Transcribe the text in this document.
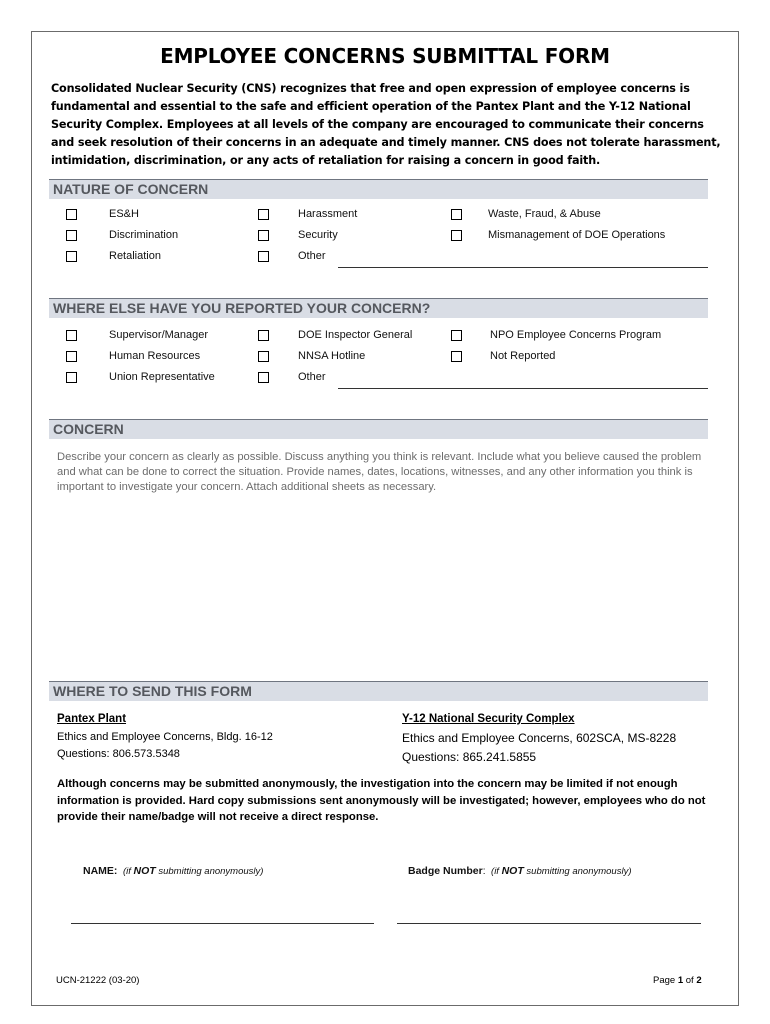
EMPLOYEE CONCERNS SUBMITTAL FORM
Consolidated Nuclear Security (CNS) recognizes that free and open expression of employee concerns is fundamental and essential to the safe and efficient operation of the Pantex Plant and the Y-12 National Security Complex. Employees at all levels of the company are encouraged to communicate their concerns and seek resolution of their concerns in an adequate and timely manner. CNS does not tolerate harassment, intimidation, discrimination, or any acts of retaliation for raising a concern in good faith.
NATURE OF CONCERN
ES&H
Discrimination
Retaliation
Harassment
Security
Other
Waste, Fraud, & Abuse
Mismanagement of DOE Operations
WHERE ELSE HAVE YOU REPORTED YOUR CONCERN?
Supervisor/Manager
Human Resources
Union Representative
DOE Inspector General
NNSA Hotline
Other
NPO Employee Concerns Program
Not Reported
CONCERN
Describe your concern as clearly as possible. Discuss anything you think is relevant. Include what you believe caused the problem and what can be done to correct the situation. Provide names, dates, locations, witnesses, and any other information you think is important to investigate your concern. Attach additional sheets as necessary.
WHERE TO SEND THIS FORM
Pantex Plant
Ethics and Employee Concerns, Bldg. 16-12
Questions: 806.573.5348
Y-12 National Security Complex
Ethics and Employee Concerns, 602SCA, MS-8228
Questions: 865.241.5855
Although concerns may be submitted anonymously, the investigation into the concern may be limited if not enough information is provided. Hard copy submissions sent anonymously will be investigated; however, employees who do not provide their name/badge will not receive a direct response.
NAME: (if NOT submitting anonymously)	Badge Number: (if NOT submitting anonymously)
UCN-21222 (03-20)	Page 1 of 2
